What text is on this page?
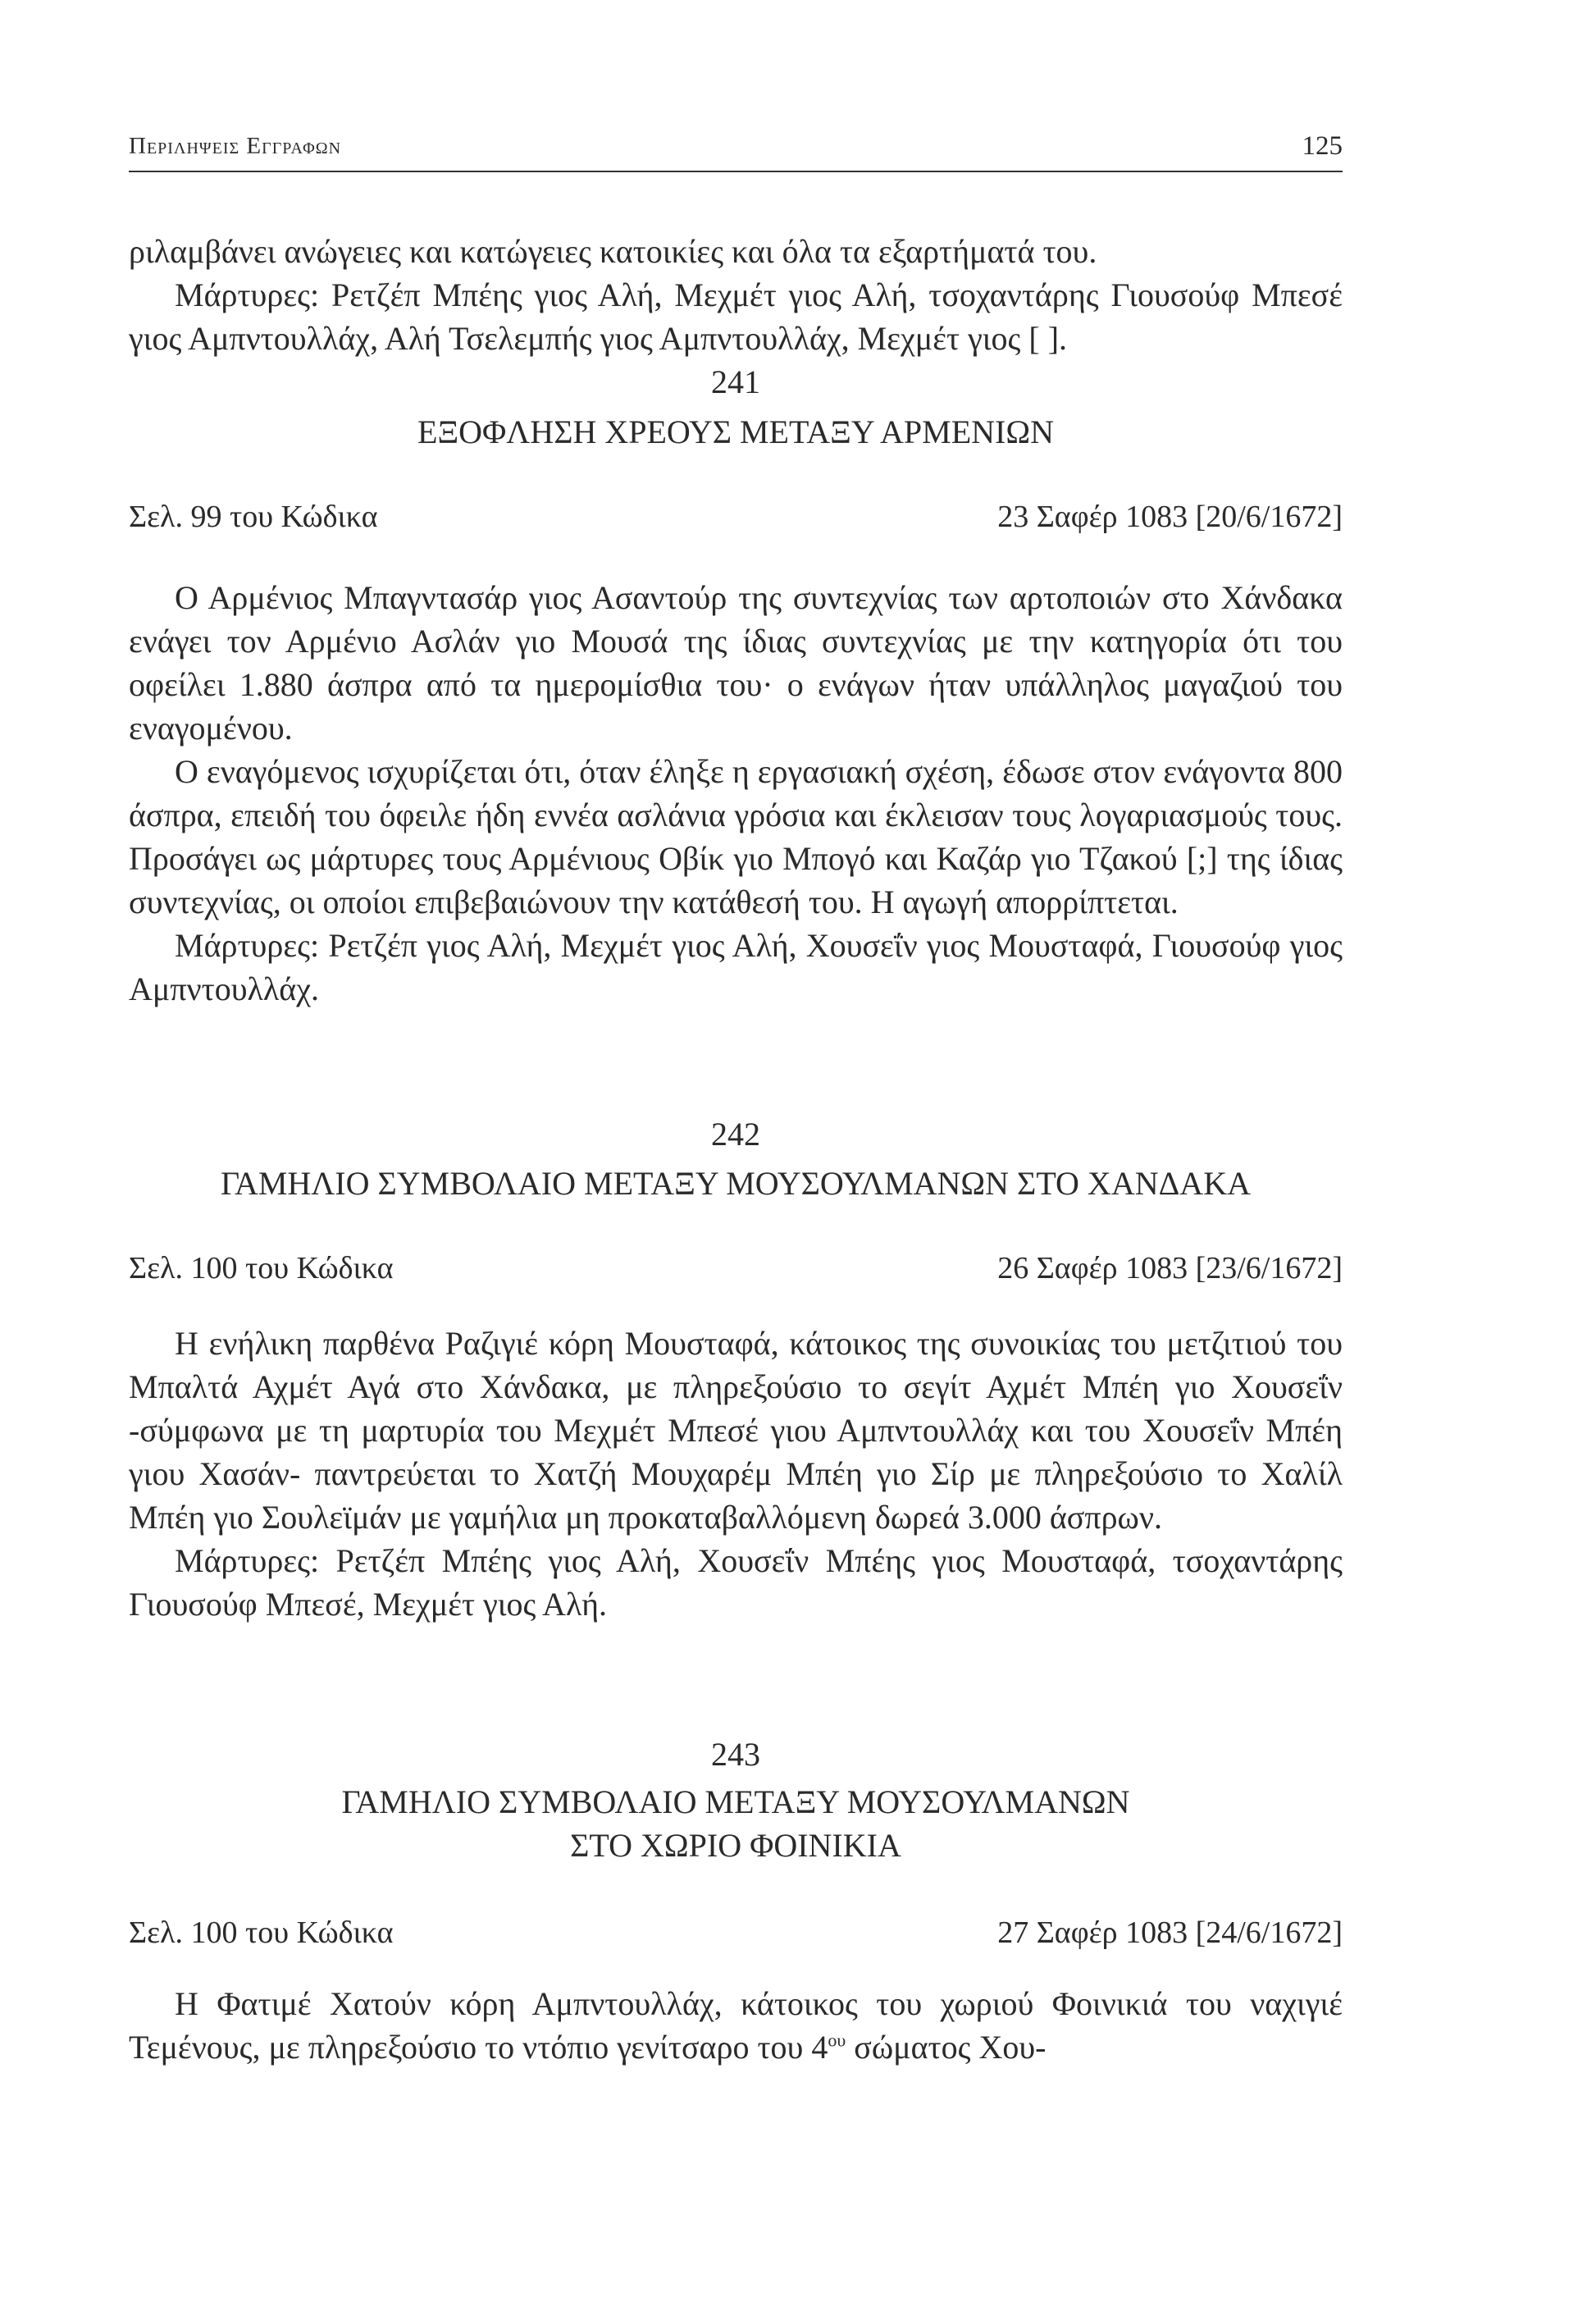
Περιληψεις Εγγραφων	125

ριλαμβάνει ανώγειες και κατώγειες κατοικίες και όλα τα εξαρτήματά του.

Μάρτυρες: Ρετζέπ Μπέης γιος Αλή, Μεχμέτ γιος Αλή, τσοχαντάρης Γιουσούφ Μπεσέ γιος Αμπντουλλάχ, Αλή Τσελεμπής γιος Αμπντουλλάχ, Μεχμέτ γιος [ ].

241
ΕΞΟΦΛΗΣΗ ΧΡΕΟΥΣ ΜΕΤΑΞΥ ΑΡΜΕΝΙΩΝ
Σελ. 99 του Κώδικα	23 Σαφέρ 1083 [20/6/1672]

Ο Αρμένιος Μπαγντασάρ γιος Ασαντούρ της συντεχνίας των αρτοποιών στο Χάνδακα ενάγει τον Αρμένιο Ασλάν γιο Μουσά της ίδιας συντεχνίας με την κατηγορία ότι του οφείλει 1.880 άσπρα από τα ημερομίσθια του· ο ενάγων ήταν υπάλληλος μαγαζιού του εναγομένου.

Ο εναγόμενος ισχυρίζεται ότι, όταν έληξε η εργασιακή σχέση, έδωσε στον ενάγοντα 800 άσπρα, επειδή του όφειλε ήδη εννέα ασλάνια γρόσια και έκλεισαν τους λογαριασμούς τους. Προσάγει ως μάρτυρες τους Αρμένιους Οβίκ γιο Μπογό και Καζάρ γιο Τζακού [;] της ίδιας συντεχνίας, οι οποίοι επιβεβαιώνουν την κατάθεσή του. Η αγωγή απορρίπτεται.

Μάρτυρες: Ρετζέπ γιος Αλή, Μεχμέτ γιος Αλή, Χουσεΐν γιος Μουσταφά, Γιουσούφ γιος Αμπντουλλάχ.

242
ΓΑΜΗΛΙΟ ΣΥΜΒΟΛΑΙΟ ΜΕΤΑΞΥ ΜΟΥΣΟΥΛΜΑΝΩΝ ΣΤΟ ΧΑΝΔΑΚΑ
Σελ. 100 του Κώδικα	26 Σαφέρ 1083 [23/6/1672]

Η ενήλικη παρθένα Ραζιγιέ κόρη Μουσταφά, κάτοικος της συνοικίας του μετζιτιού του Μπαλτά Αχμέτ Αγά στο Χάνδακα, με πληρεξούσιο το σεγίτ Αχμέτ Μπέη γιο Χουσεΐν -σύμφωνα με τη μαρτυρία του Μεχμέτ Μπεσέ γιου Αμπντουλλάχ και του Χουσεΐν Μπέη γιου Χασάν- παντρεύεται το Χατζή Μουχαρέμ Μπέη γιο Σίρ με πληρεξούσιο το Χαλίλ Μπέη γιο Σουλεϊμάν με γαμήλια μη προκαταβαλλόμενη δωρεά 3.000 άσπρων.

Μάρτυρες: Ρετζέπ Μπέης γιος Αλή, Χουσεΐν Μπέης γιος Μουσταφά, τσοχαντάρης Γιουσούφ Μπεσέ, Μεχμέτ γιος Αλή.

243
ΓΑΜΗΛΙΟ ΣΥΜΒΟΛΑΙΟ ΜΕΤΑΞΥ ΜΟΥΣΟΥΛΜΑΝΩΝ
ΣΤΟ ΧΩΡΙΟ ΦΟΙΝΙΚΙΑ
Σελ. 100 του Κώδικα	27 Σαφέρ 1083 [24/6/1672]

Η Φατιμέ Χατούν κόρη Αμπντουλλάχ, κάτοικος του χωριού Φοινικιά του ναχιγιέ Τεμένους, με πληρεξούσιο το ντόπιο γενίτσαρο του $4^{o\upsilon}$ σώματος Χου-
